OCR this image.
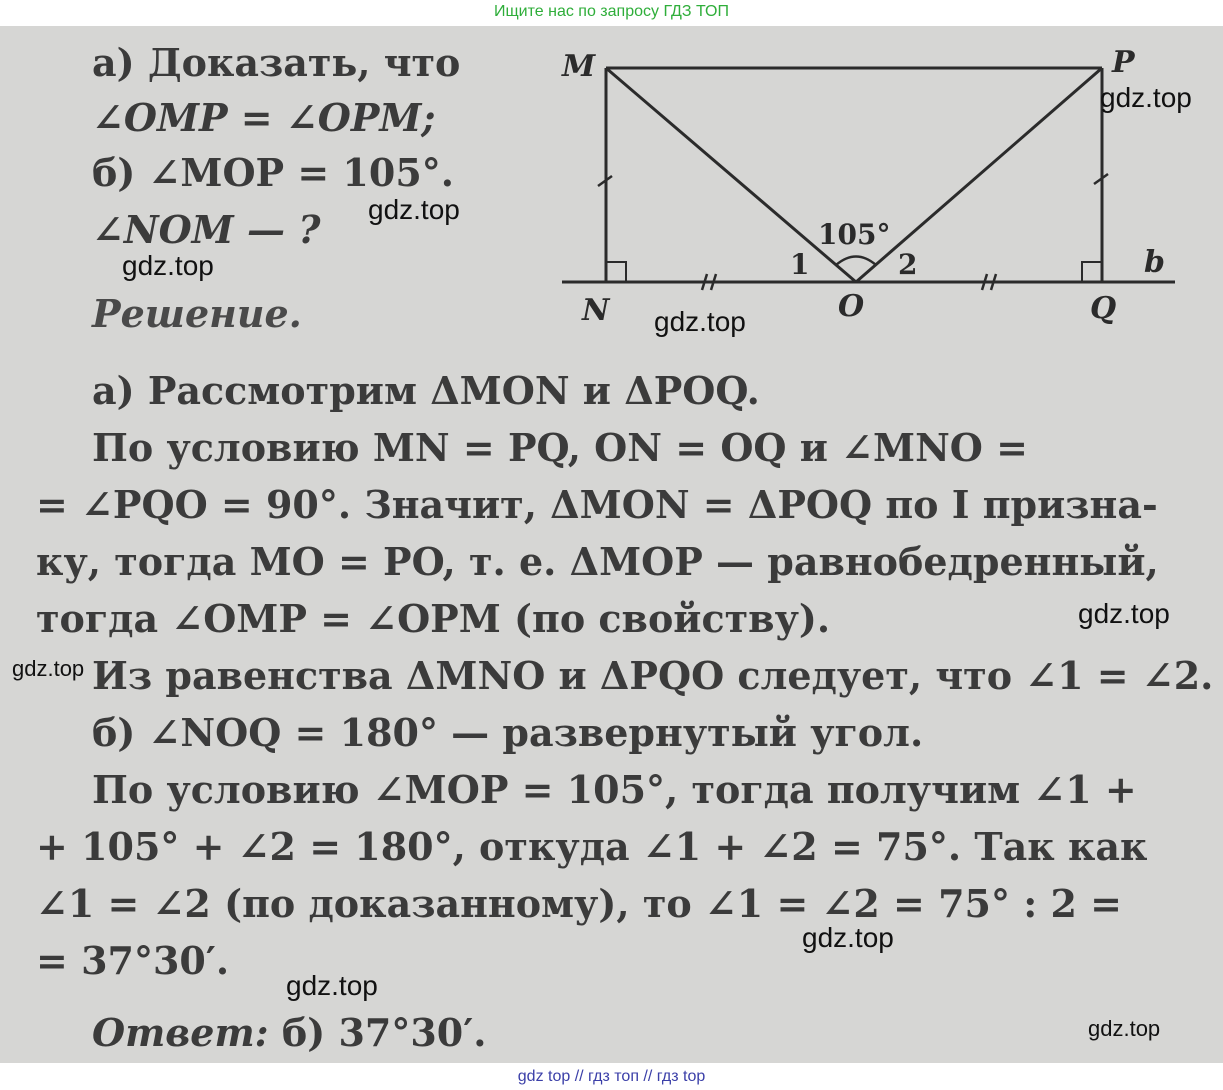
Ищите нас по запросу ГДЗ ТОП
M	P
N	O	Q
b
1	2
105°
а) Доказать, что
∠OMP = ∠OPM;
б) ∠MOP = 105°.
∠NOM — ?
Решение.
а) Рассмотрим ΔMON и ΔPOQ.
По условию MN = PQ, ON = OQ и ∠MNO =
= ∠PQO = 90°. Значит, ΔMON = ΔPOQ по I призна-
ку, тогда MO = PO, т. е. ΔMOP — равнобедренный,
тогда ∠OMP = ∠OPM (по свойству).
Из равенства ΔMNO и ΔPQO следует, что ∠1 = ∠2.
б) ∠NOQ = 180° — развернутый угол.
По условию ∠MOP = 105°, тогда получим ∠1 +
+ 105° + ∠2 = 180°, откуда ∠1 + ∠2 = 75°. Так как
∠1 = ∠2 (по доказанному), то ∠1 = ∠2 = 75° : 2 =
= 37°30′.
Ответ: б) 37°30′.
gdz.top
gdz.top
gdz.top
gdz.top
gdz.top
gdz.top
gdz.top
gdz.top
gdz.top
gdz top // гдз топ // гдз top
